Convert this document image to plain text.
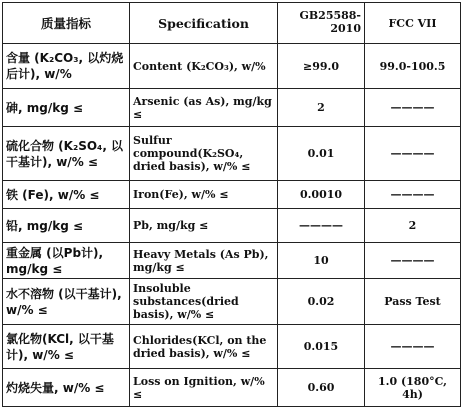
质量指标	Specification	GB25588-2010	FCC VII
含量 (K₂CO₃, 以灼烧后计), w/%	Content (K₂CO₃), w/%	≥99.0	99.0-100.5
砷, mg/kg ≤	Arsenic (as As), mg/kg ≤	2	————
硫化合物 (K₂SO₄, 以干基计), w/% ≤	Sulfur compound(K₂SO₄, dried basis), w/% ≤	0.01	————
铁 (Fe), w/% ≤	Iron(Fe), w/% ≤	0.0010	————
铅, mg/kg ≤	Pb, mg/kg ≤	————	2
重金属 (以Pb计), mg/kg ≤	Heavy Metals (As Pb), mg/kg ≤	10	————
水不溶物 (以干基计), w/% ≤	Insoluble substances(dried basis), w/% ≤	0.02	Pass Test
氯化物(KCl, 以干基计), w/% ≤	Chlorides(KCl, on the dried basis), w/% ≤	0.015	————
灼烧失量, w/% ≤	Loss on Ignition, w/% ≤	0.60	1.0 (180°C, 4h)
